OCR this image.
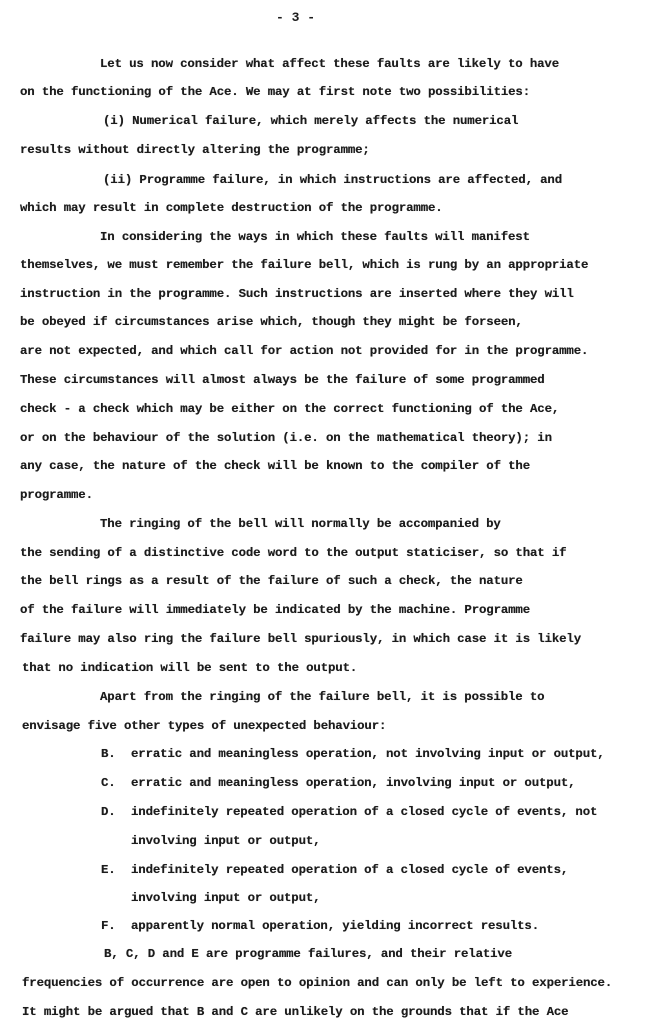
- 3 -
Let us now consider what affect these faults are likely to have
on the functioning of the Ace. We may at first note two possibilities:
(i) Numerical failure, which merely affects the numerical
results without directly altering the programme;
(ii) Programme failure, in which instructions are affected, and
which may result in complete destruction of the programme.
In considering the ways in which these faults will manifest
themselves, we must remember the failure bell, which is rung by an appropriate
instruction in the programme. Such instructions are inserted where they will
be obeyed if circumstances arise which, though they might be forseen,
are not expected, and which call for action not provided for in the programme.
These circumstances will almost always be the failure of some programmed
check - a check which may be either on the correct functioning of the Ace,
or on the behaviour of the solution (i.e. on the mathematical theory); in
any case, the nature of the check will be known to the compiler of the
programme.
The ringing of the bell will normally be accompanied by
the sending of a distinctive code word to the output staticiser, so that if
the bell rings as a result of the failure of such a check, the nature
of the failure will immediately be indicated by the machine. Programme
failure may also ring the failure bell spuriously, in which case it is likely
that no indication will be sent to the output.
Apart from the ringing of the failure bell, it is possible to
envisage five other types of unexpected behaviour:
B. erratic and meaningless operation, not involving input or output,
C. erratic and meaningless operation, involving input or output,
D. indefinitely repeated operation of a closed cycle of events, not
involving input or output,
E. indefinitely repeated operation of a closed cycle of events,
involving input or output,
F. apparently normal operation, yielding incorrect results.
B, C, D and E are programme failures, and their relative
frequencies of occurrence are open to opinion and can only be left to experience.
It might be argued that B and C are unlikely on the grounds that if the Ace
